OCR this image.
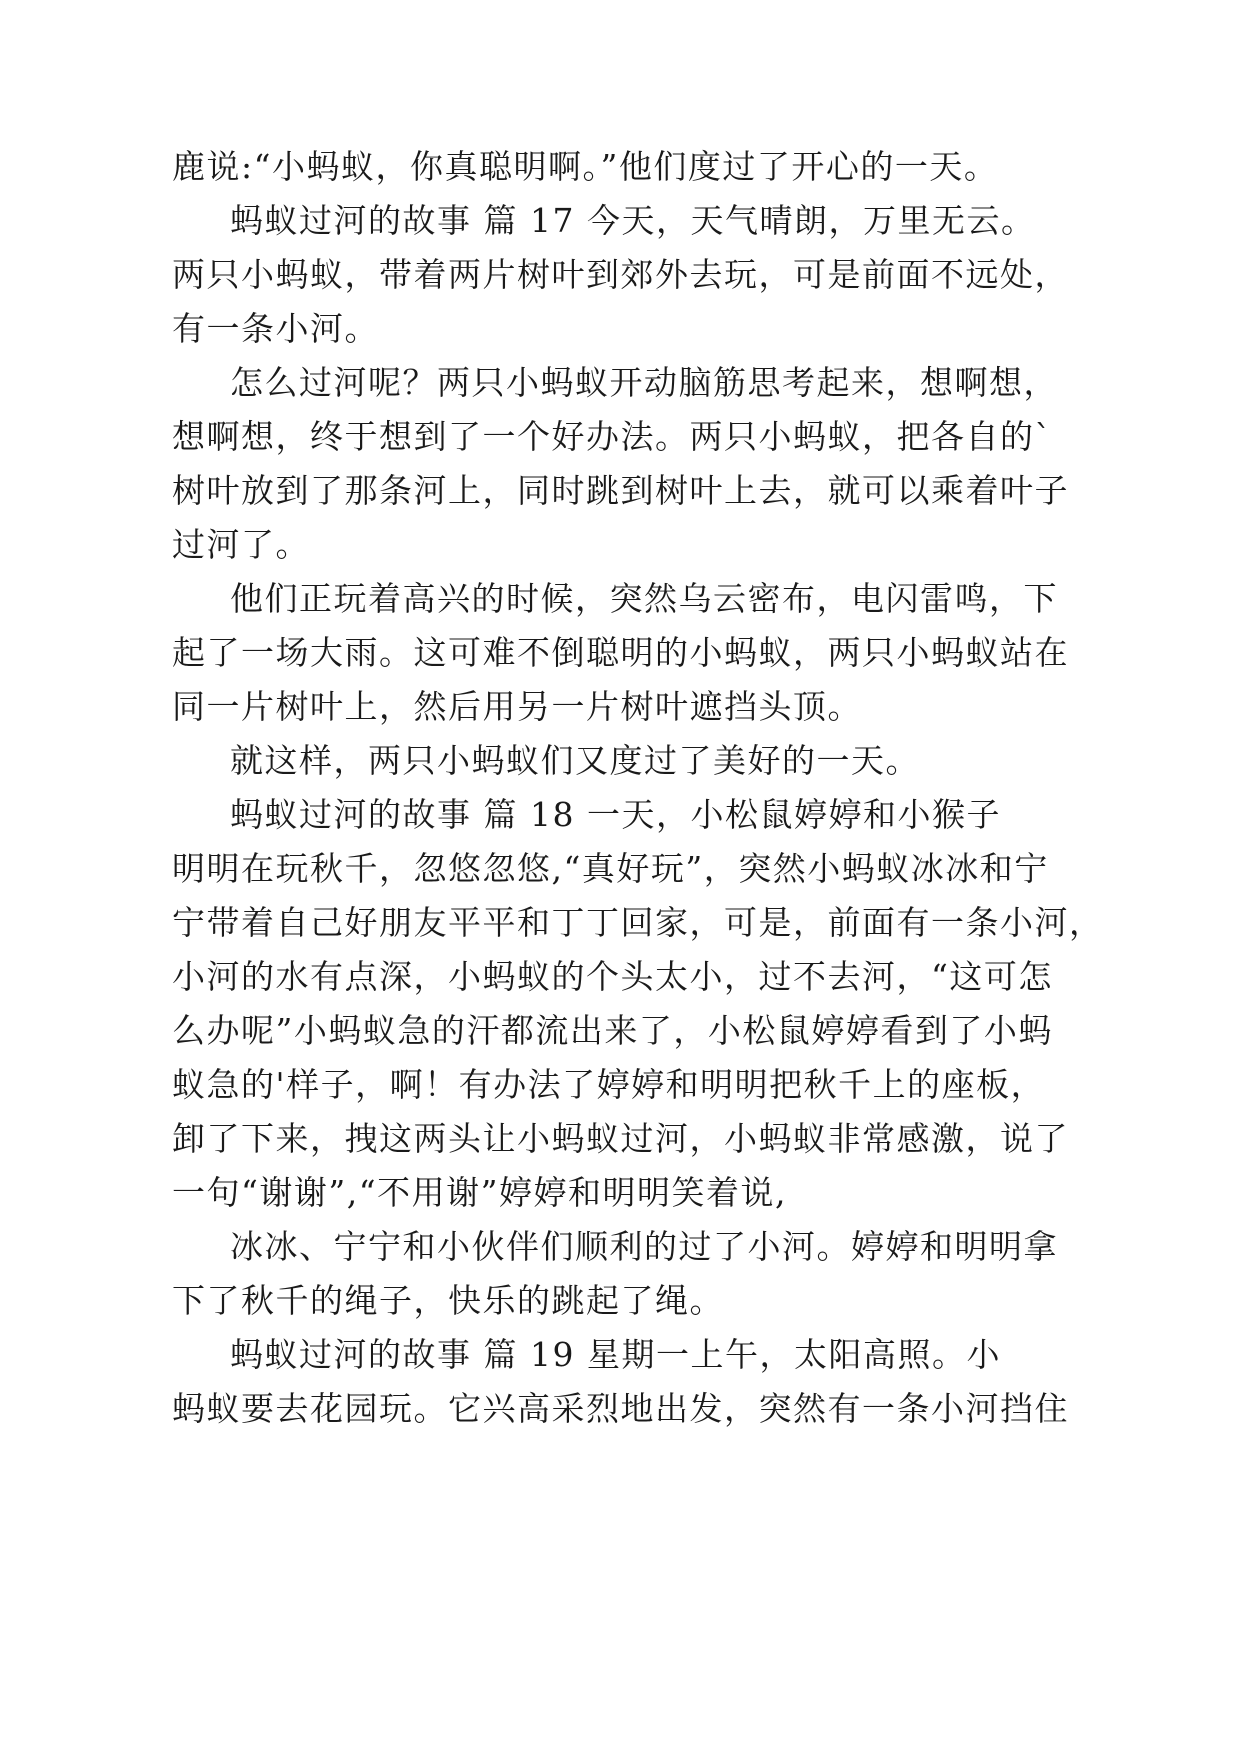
鹿说:“小蚂蚁，你真聪明啊。”他们度过了开心的一天。
蚂蚁过河的故事 篇 17 今天，天气晴朗，万里无云。
两只小蚂蚁，带着两片树叶到郊外去玩，可是前面不远处，
有一条小河。
怎么过河呢？两只小蚂蚁开动脑筋思考起来，想啊想，
想啊想，终于想到了一个好办法。两只小蚂蚁，把各自的`
树叶放到了那条河上，同时跳到树叶上去，就可以乘着叶子
过河了。
他们正玩着高兴的时候，突然乌云密布，电闪雷鸣，下
起了一场大雨。这可难不倒聪明的小蚂蚁，两只小蚂蚁站在
同一片树叶上，然后用另一片树叶遮挡头顶。
就这样，两只小蚂蚁们又度过了美好的一天。
蚂蚁过河的故事 篇 18 一天，小松鼠婷婷和小猴子
明明在玩秋千，忽悠忽悠,“真好玩”，突然小蚂蚁冰冰和宁
宁带着自己好朋友平平和丁丁回家，可是，前面有一条小河，
小河的水有点深，小蚂蚁的个头太小，过不去河，“这可怎
么办呢”小蚂蚁急的汗都流出来了，小松鼠婷婷看到了小蚂
蚁急的'样子，啊！有办法了婷婷和明明把秋千上的座板，
卸了下来，拽这两头让小蚂蚁过河，小蚂蚁非常感激，说了
一句“谢谢”,“不用谢”婷婷和明明笑着说,
冰冰、宁宁和小伙伴们顺利的过了小河。婷婷和明明拿
下了秋千的绳子，快乐的跳起了绳。
蚂蚁过河的故事 篇 19 星期一上午，太阳高照。小
蚂蚁要去花园玩。它兴高采烈地出发，突然有一条小河挡住
